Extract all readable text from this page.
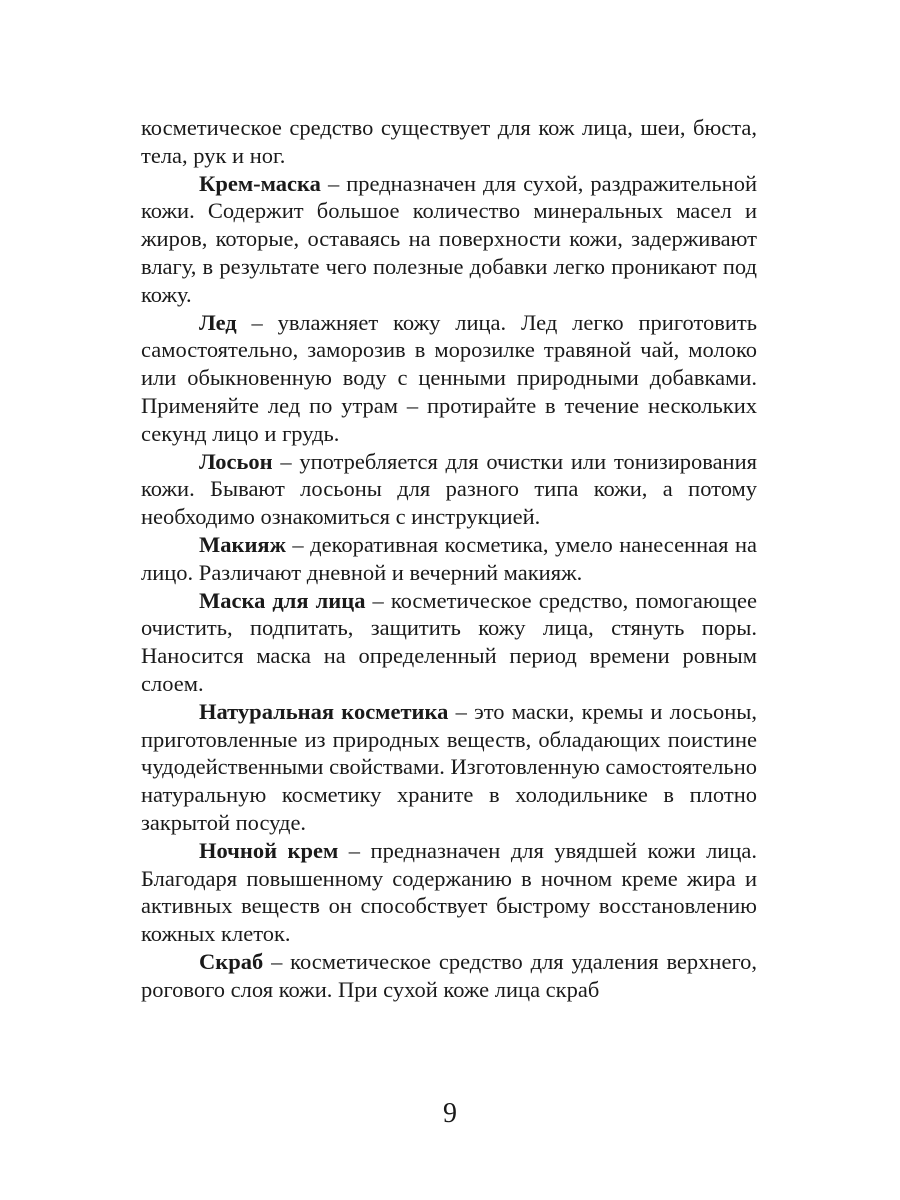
косметическое средство существует для кож лица, шеи, бюста, тела, рук и ног.

Крем-маска – предназначен для сухой, раздражительной кожи. Содержит большое количество минеральных масел и жиров, которые, оставаясь на поверхности кожи, задерживают влагу, в результате чего полезные добавки легко проникают под кожу.

Лед – увлажняет кожу лица. Лед легко приготовить самостоятельно, заморозив в морозилке травяной чай, молоко или обыкновенную воду с ценными природными добавками. Применяйте лед по утрам – протирайте в течение нескольких секунд лицо и грудь.

Лосьон – употребляется для очистки или тонизирования кожи. Бывают лосьоны для разного типа кожи, а потому необходимо ознакомиться с инструкцией.

Макияж – декоративная косметика, умело нанесенная на лицо. Различают дневной и вечерний макияж.

Маска для лица – косметическое средство, помогающее очистить, подпитать, защитить кожу лица, стянуть поры. Наносится маска на определенный период времени ровным слоем.

Натуральная косметика – это маски, кремы и лосьоны, приготовленные из природных веществ, обладающих поистине чудодейственными свойствами. Изготовленную самостоятельно натуральную косметику храните в холодильнике в плотно закрытой посуде.

Ночной крем – предназначен для увядшей кожи лица. Благодаря повышенному содержанию в ночном креме жира и активных веществ он способствует быстрому восстановлению кожных клеток.

Скраб – косметическое средство для удаления верхнего, рогового слоя кожи. При сухой коже лица скраб

9
